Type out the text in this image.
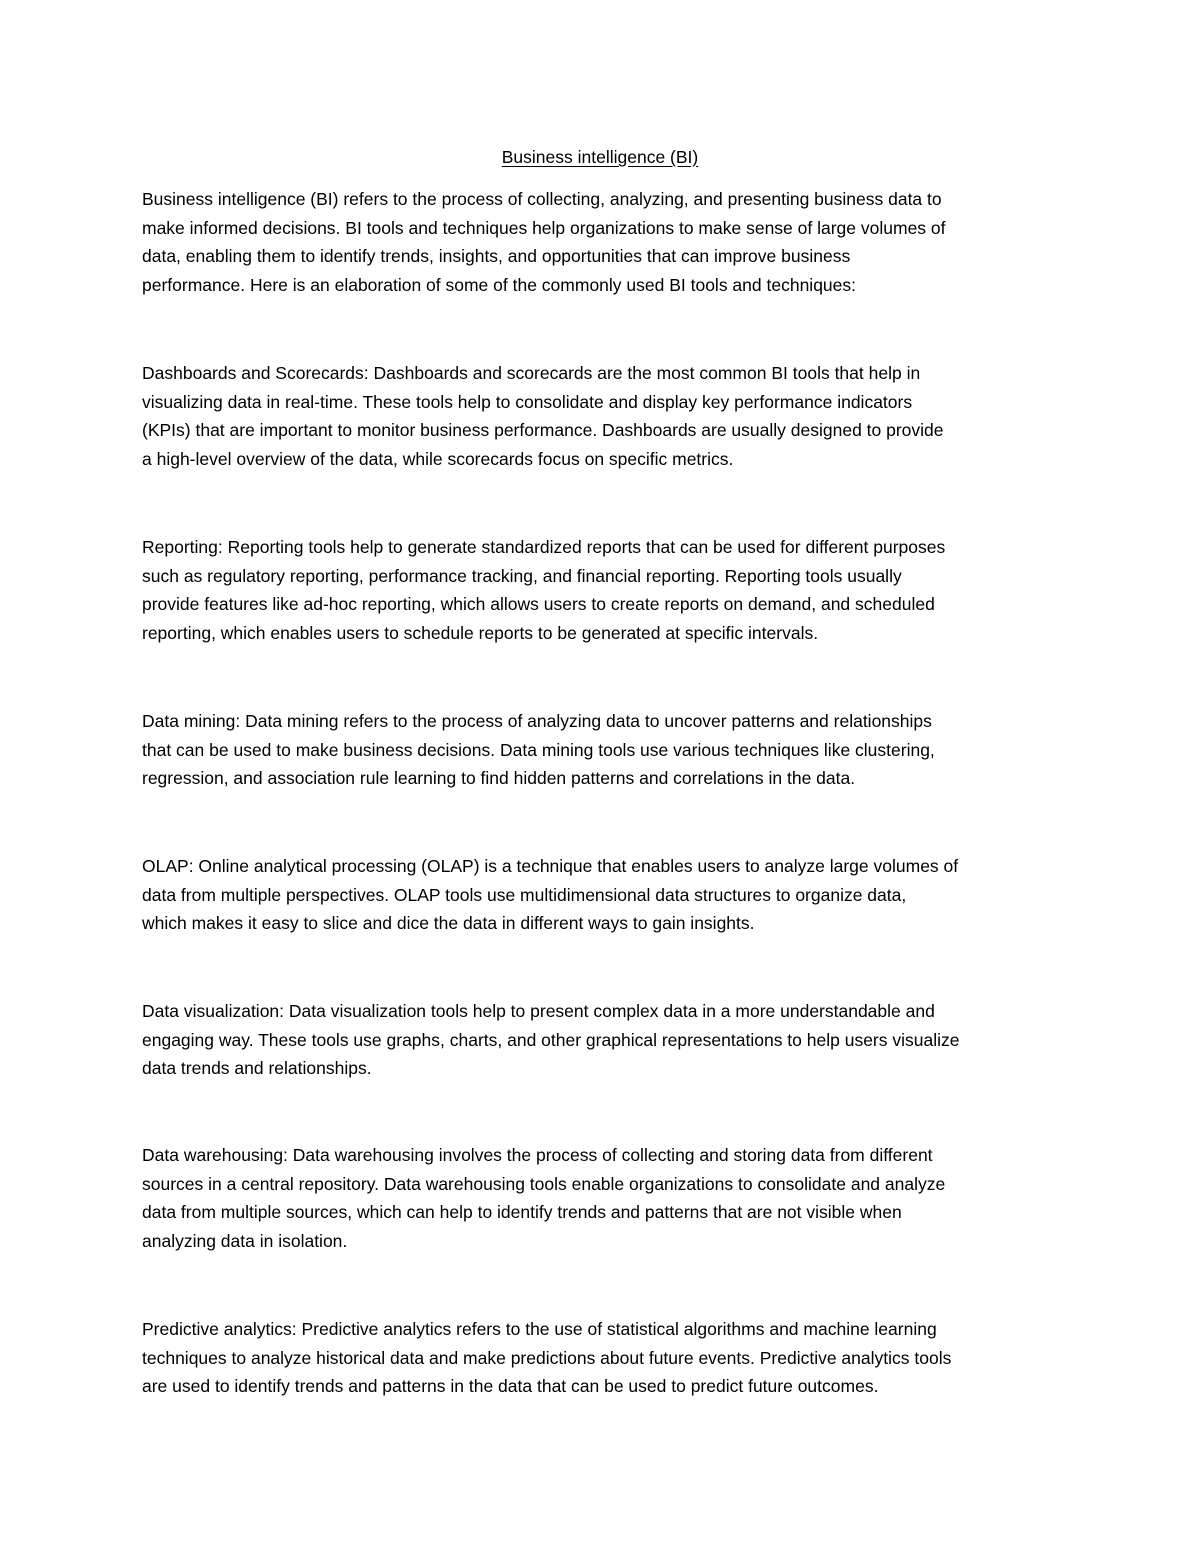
Business intelligence (BI)

Business intelligence (BI) refers to the process of collecting, analyzing, and presenting business data to
make informed decisions. BI tools and techniques help organizations to make sense of large volumes of
data, enabling them to identify trends, insights, and opportunities that can improve business
performance. Here is an elaboration of some of the commonly used BI tools and techniques:

Dashboards and Scorecards: Dashboards and scorecards are the most common BI tools that help in
visualizing data in real-time. These tools help to consolidate and display key performance indicators
(KPIs) that are important to monitor business performance. Dashboards are usually designed to provide
a high-level overview of the data, while scorecards focus on specific metrics.

Reporting: Reporting tools help to generate standardized reports that can be used for different purposes
such as regulatory reporting, performance tracking, and financial reporting. Reporting tools usually
provide features like ad-hoc reporting, which allows users to create reports on demand, and scheduled
reporting, which enables users to schedule reports to be generated at specific intervals.

Data mining: Data mining refers to the process of analyzing data to uncover patterns and relationships
that can be used to make business decisions. Data mining tools use various techniques like clustering,
regression, and association rule learning to find hidden patterns and correlations in the data.

OLAP: Online analytical processing (OLAP) is a technique that enables users to analyze large volumes of
data from multiple perspectives. OLAP tools use multidimensional data structures to organize data,
which makes it easy to slice and dice the data in different ways to gain insights.

Data visualization: Data visualization tools help to present complex data in a more understandable and
engaging way. These tools use graphs, charts, and other graphical representations to help users visualize
data trends and relationships.

Data warehousing: Data warehousing involves the process of collecting and storing data from different
sources in a central repository. Data warehousing tools enable organizations to consolidate and analyze
data from multiple sources, which can help to identify trends and patterns that are not visible when
analyzing data in isolation.

Predictive analytics: Predictive analytics refers to the use of statistical algorithms and machine learning
techniques to analyze historical data and make predictions about future events. Predictive analytics tools
are used to identify trends and patterns in the data that can be used to predict future outcomes.
